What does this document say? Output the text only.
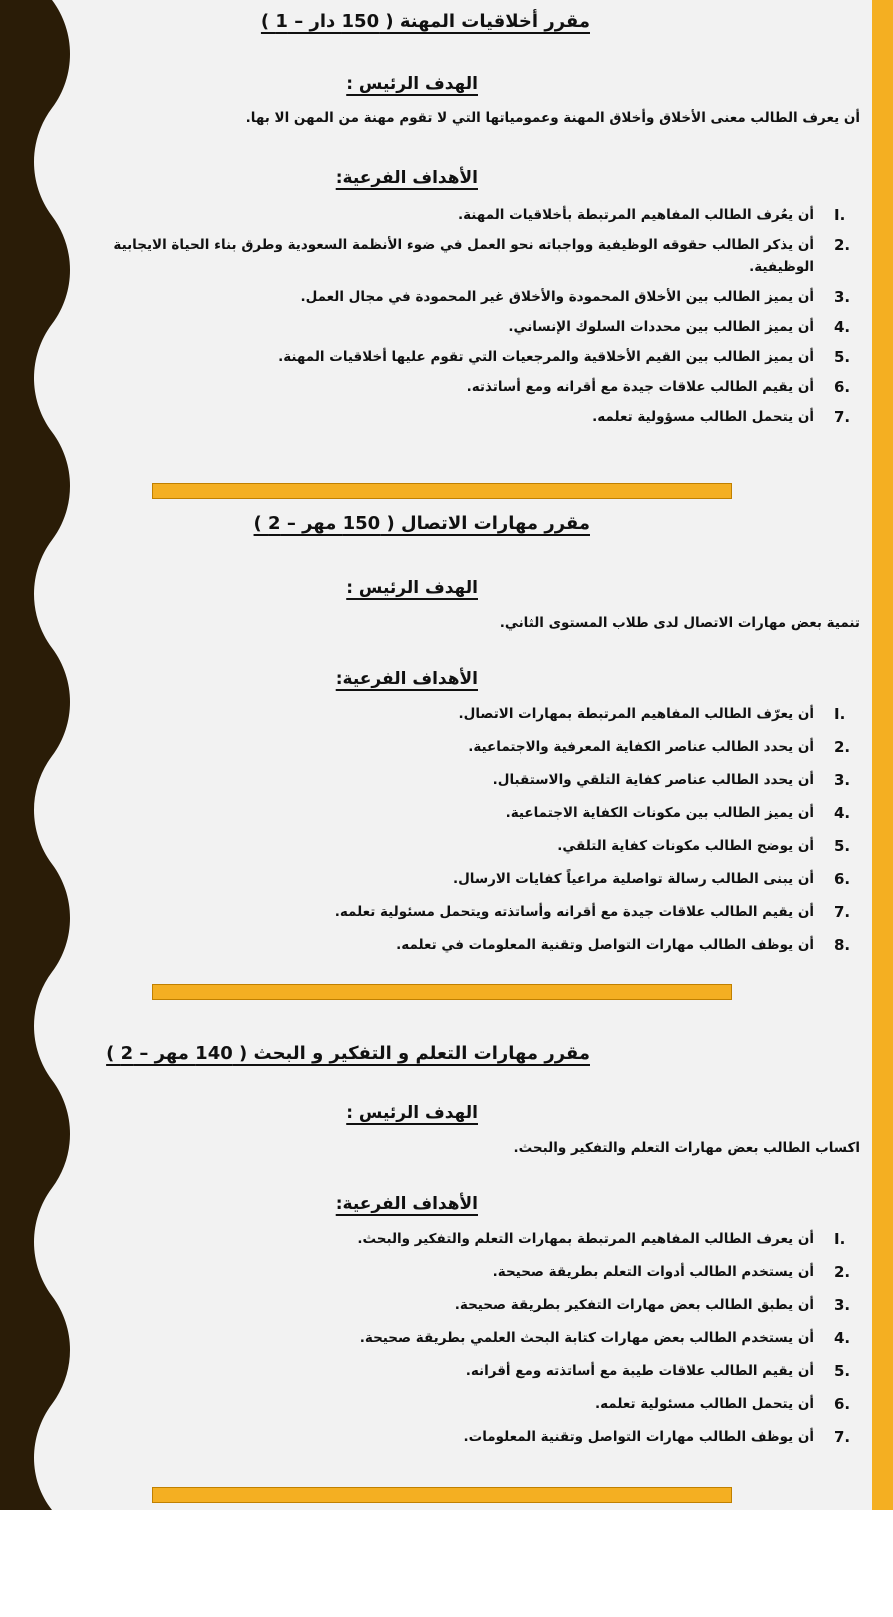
مقرر أخلاقيات المهنة ( 150 دار – 1 )
الهدف الرئيس :
أن يعرف الطالب معنى الأخلاق وأخلاق المهنة وعمومياتها التي لا تقوم مهنة من المهن الا بها.
الأهداف الفرعية:
I.
أن يعُرف الطالب المفاهيم المرتبطة بأخلاقيات المهنة.
2.
أن يذكر الطالب حقوقه الوظيفية وواجباته نحو العمل في ضوء الأنظمة السعودية وطرق بناء الحياة الايجابية الوظيفية.
3.
أن يميز الطالب بين الأخلاق المحمودة والأخلاق غير المحمودة في مجال العمل.
4.
أن يميز الطالب بين محددات السلوك الإنساني.
5.
أن يميز الطالب بين القيم الأخلاقية والمرجعيات التي تقوم عليها أخلاقيات المهنة.
6.
أن يقيم الطالب علاقات جيدة مع أقرانه ومع أساتذته.
7.
أن يتحمل الطالب مسؤولية تعلمه.
مقرر مهارات الاتصال ( 150 مهر – 2 )
الهدف الرئيس :
تنمية بعض مهارات الاتصال لدى طلاب المستوى الثاني.
الأهداف الفرعية:
I.
أن يعرّف الطالب المفاهيم المرتبطة بمهارات الاتصال.
2.
أن يحدد الطالب عناصر الكفاية المعرفية والاجتماعية.
3.
أن يحدد الطالب عناصر كفاية التلقي والاستقبال.
4.
أن يميز الطالب بين مكونات الكفاية الاجتماعية.
5.
أن يوضح الطالب مكونات كفاية التلقي.
6.
أن يبنى الطالب رسالة تواصلية مراعياً كفايات الارسال.
7.
أن يقيم الطالب علاقات جيدة مع أقرانه وأساتذته ويتحمل مسئولية تعلمه.
8.
أن يوظف الطالب مهارات التواصل وتقنية المعلومات في تعلمه.
مقرر مهارات التعلم و التفكير و البحث ( 140 مهر – 2 )
الهدف الرئيس :
اكساب الطالب بعض مهارات التعلم والتفكير والبحث.
الأهداف الفرعية:
I.
أن يعرف الطالب المفاهيم المرتبطة بمهارات التعلم والتفكير والبحث.
2.
أن يستخدم الطالب أدوات التعلم بطريقة صحيحة.
3.
أن يطبق الطالب بعض مهارات التفكير بطريقة صحيحة.
4.
أن يستخدم الطالب بعض مهارات كتابة البحث العلمي بطريقة صحيحة.
5.
أن يقيم الطالب علاقات طيبة مع أساتذته ومع أقرانه.
6.
أن يتحمل الطالب مسئولية تعلمه.
7.
أن يوظف الطالب مهارات التواصل وتقنية المعلومات.
